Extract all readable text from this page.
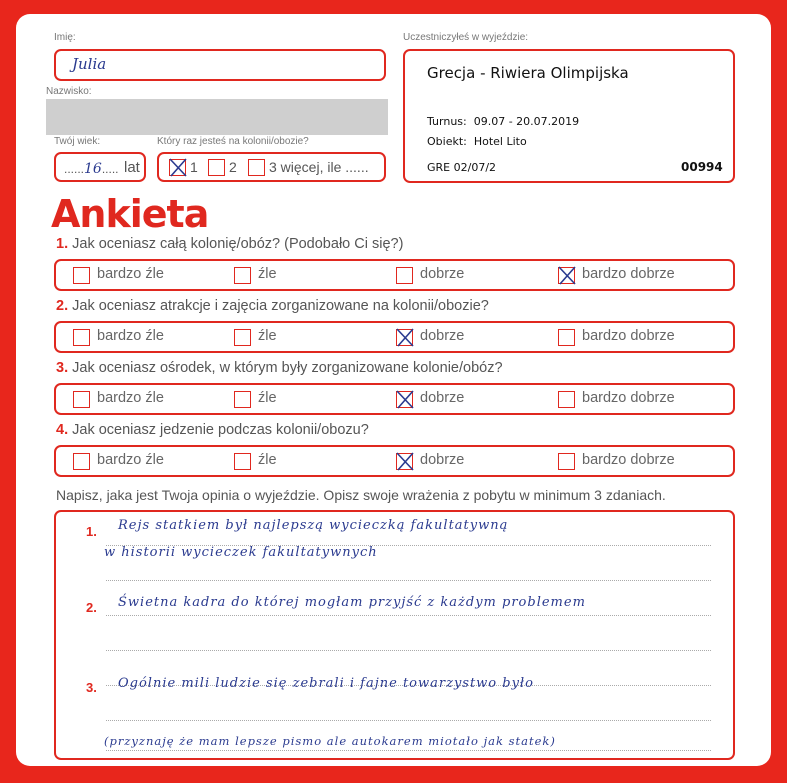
Imię:
Julia
Nazwisko:
Twój wiek:
......16..... lat
Który raz jesteś na kolonii/obozie?
1 2 3 więcej, ile ......
Uczestniczyłeś w wyjeździe:
Grecja - Riwiera Olimpijska
Turnus:  09.07 - 20.07.2019
Obiekt:  Hotel Lito
GRE 02/07/2	00994
Ankieta
1. Jak oceniasz całą kolonię/obóz? (Podobało Ci się?)
bardzo źle	źle	dobrze	bardzo dobrze
2. Jak oceniasz atrakcje i zajęcia zorganizowane na kolonii/obozie?
bardzo źle	źle	dobrze	bardzo dobrze
3. Jak oceniasz ośrodek, w którym były zorganizowane kolonie/obóz?
bardzo źle	źle	dobrze	bardzo dobrze
4. Jak oceniasz jedzenie podczas kolonii/obozu?
bardzo źle	źle	dobrze	bardzo dobrze
Napisz, jaka jest Twoja opinia o wyjeździe. Opisz swoje wrażenia z pobytu w minimum 3 zdaniach.
1. Rejs statkiem był najlepszą wycieczką fakultatywną
w historii wycieczek fakultatywnych
2. Świetna kadra do której mogłam przyjść z każdym problemem
3. Ogólnie mili ludzie się zebrali i fajne towarzystwo było
(przyznaję że mam lepsze pismo ale autokarem miotało jak statek)
